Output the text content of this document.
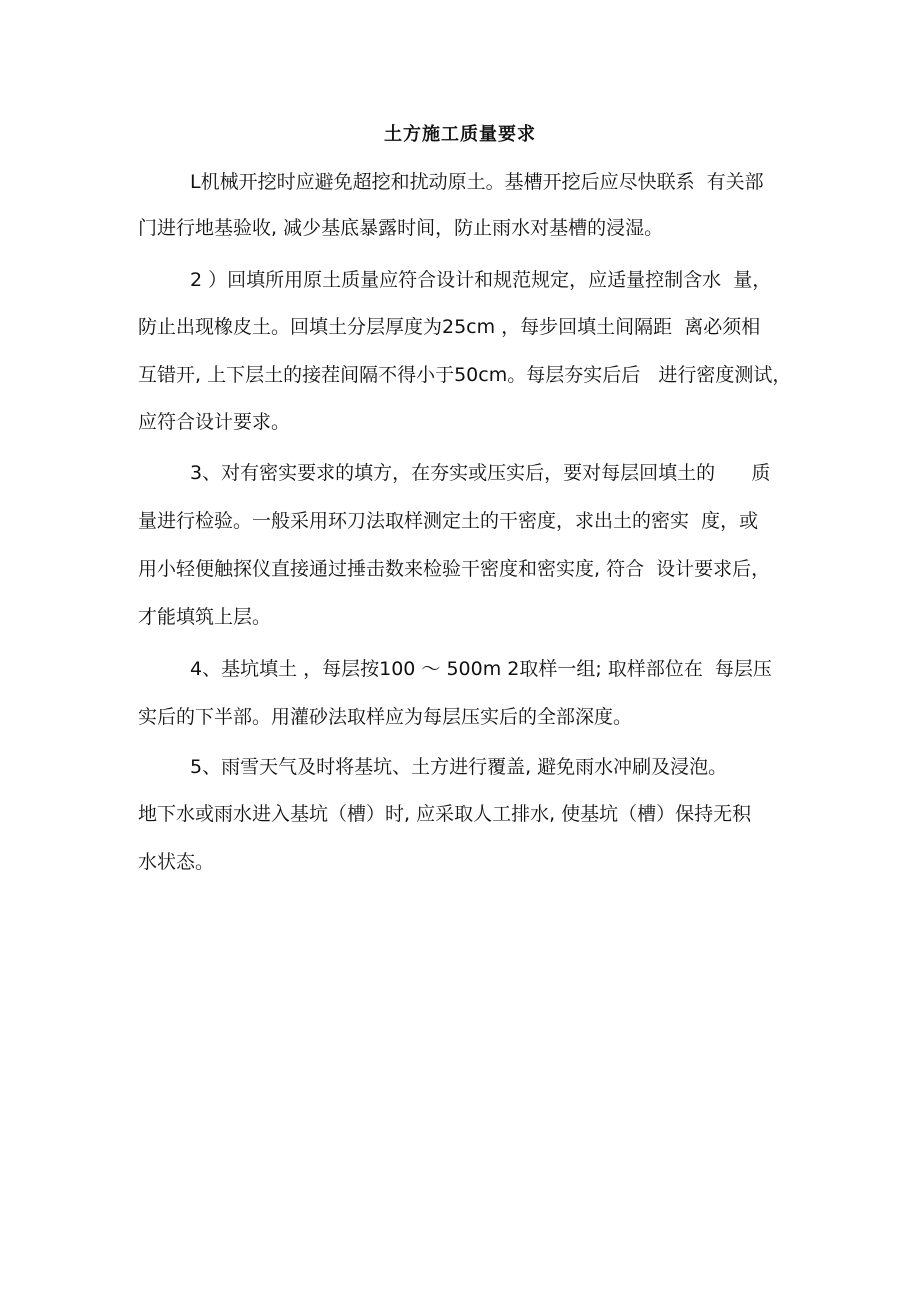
土方施工质量要求
L机械开挖时应避免超挖和扰动原土。基槽开挖后应尽快联系  有关部
门进行地基验收, 减少基底暴露时间，防止雨水对基槽的浸湿。
2 ）回填所用原土质量应符合设计和规范规定，应适量控制含水  量，
防止出现橡皮土。回填土分层厚度为25cm ，每步回填土间隔距  离必须相
互错开, 上下层土的接茬间隔不得小于50cm。每层夯实后后   进行密度测试，
应符合设计要求。
3、对有密实要求的填方，在夯实或压实后，要对每层回填土的      质
量进行检验。一般采用环刀法取样测定土的干密度，求出土的密实  度，或
用小轻便触探仪直接通过捶击数来检验干密度和密实度, 符合  设计要求后，
才能填筑上层。
4、基坑填土 ，每层按100 ～ 500m 2取样一组; 取样部位在  每层压
实后的下半部。用灌砂法取样应为每层压实后的全部深度。
5、雨雪天气及时将基坑、土方进行覆盖, 避免雨水冲刷及浸泡。
地下水或雨水进入基坑（槽）时, 应采取人工排水, 使基坑（槽）保持无积
水状态。
